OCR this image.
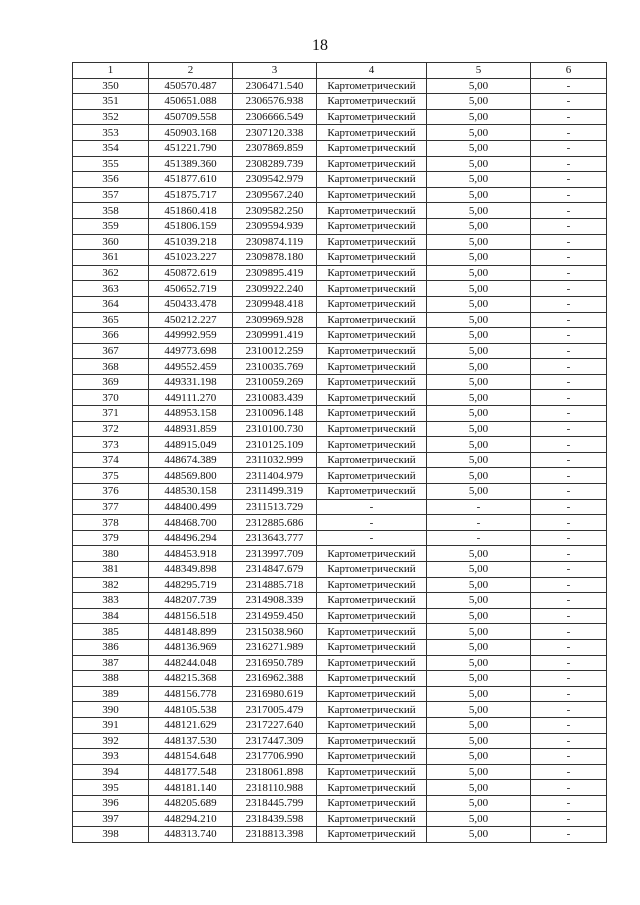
18
1	2	3	4	5	6
350	450570.487	2306471.540	Картометрический	5,00	-
351	450651.088	2306576.938	Картометрический	5,00	-
352	450709.558	2306666.549	Картометрический	5,00	-
353	450903.168	2307120.338	Картометрический	5,00	-
354	451221.790	2307869.859	Картометрический	5,00	-
355	451389.360	2308289.739	Картометрический	5,00	-
356	451877.610	2309542.979	Картометрический	5,00	-
357	451875.717	2309567.240	Картометрический	5,00	-
358	451860.418	2309582.250	Картометрический	5,00	-
359	451806.159	2309594.939	Картометрический	5,00	-
360	451039.218	2309874.119	Картометрический	5,00	-
361	451023.227	2309878.180	Картометрический	5,00	-
362	450872.619	2309895.419	Картометрический	5,00	-
363	450652.719	2309922.240	Картометрический	5,00	-
364	450433.478	2309948.418	Картометрический	5,00	-
365	450212.227	2309969.928	Картометрический	5,00	-
366	449992.959	2309991.419	Картометрический	5,00	-
367	449773.698	2310012.259	Картометрический	5,00	-
368	449552.459	2310035.769	Картометрический	5,00	-
369	449331.198	2310059.269	Картометрический	5,00	-
370	449111.270	2310083.439	Картометрический	5,00	-
371	448953.158	2310096.148	Картометрический	5,00	-
372	448931.859	2310100.730	Картометрический	5,00	-
373	448915.049	2310125.109	Картометрический	5,00	-
374	448674.389	2311032.999	Картометрический	5,00	-
375	448569.800	2311404.979	Картометрический	5,00	-
376	448530.158	2311499.319	Картометрический	5,00	-
377	448400.499	2311513.729	-	-	-
378	448468.700	2312885.686	-	-	-
379	448496.294	2313643.777	-	-	-
380	448453.918	2313997.709	Картометрический	5,00	-
381	448349.898	2314847.679	Картометрический	5,00	-
382	448295.719	2314885.718	Картометрический	5,00	-
383	448207.739	2314908.339	Картометрический	5,00	-
384	448156.518	2314959.450	Картометрический	5,00	-
385	448148.899	2315038.960	Картометрический	5,00	-
386	448136.969	2316271.989	Картометрический	5,00	-
387	448244.048	2316950.789	Картометрический	5,00	-
388	448215.368	2316962.388	Картометрический	5,00	-
389	448156.778	2316980.619	Картометрический	5,00	-
390	448105.538	2317005.479	Картометрический	5,00	-
391	448121.629	2317227.640	Картометрический	5,00	-
392	448137.530	2317447.309	Картометрический	5,00	-
393	448154.648	2317706.990	Картометрический	5,00	-
394	448177.548	2318061.898	Картометрический	5,00	-
395	448181.140	2318110.988	Картометрический	5,00	-
396	448205.689	2318445.799	Картометрический	5,00	-
397	448294.210	2318439.598	Картометрический	5,00	-
398	448313.740	2318813.398	Картометрический	5,00	-
